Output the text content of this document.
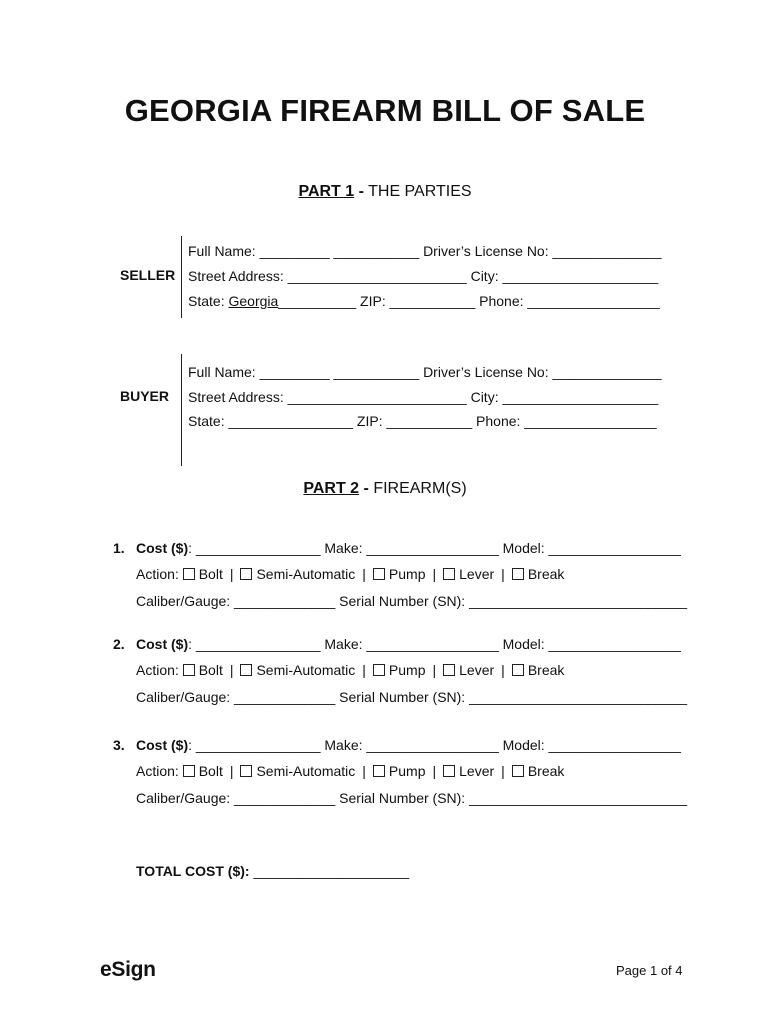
GEORGIA FIREARM BILL OF SALE
PART 1 - THE PARTIES
SELLER
Full Name: _________ ___________ Driver’s License No: ______________
Street Address: _______________________ City: ____________________
State: Georgia__________ ZIP: ___________ Phone: _________________
BUYER
Full Name: _________ ___________ Driver’s License No: ______________
Street Address: _______________________ City: ____________________
State: ________________ ZIP: ___________ Phone: _________________
PART 2 - FIREARM(S)
1. Cost ($): ________________ Make: _________________ Model: _________________
Action: Bolt | Semi-Automatic | Pump | Lever | Break
Caliber/Gauge: _____________ Serial Number (SN): ____________________________
2. Cost ($): ________________ Make: _________________ Model: _________________
Action: Bolt | Semi-Automatic | Pump | Lever | Break
Caliber/Gauge: _____________ Serial Number (SN): ____________________________
3. Cost ($): ________________ Make: _________________ Model: _________________
Action: Bolt | Semi-Automatic | Pump | Lever | Break
Caliber/Gauge: _____________ Serial Number (SN): ____________________________
TOTAL COST ($): ____________________
eSign	Page 1 of 4
